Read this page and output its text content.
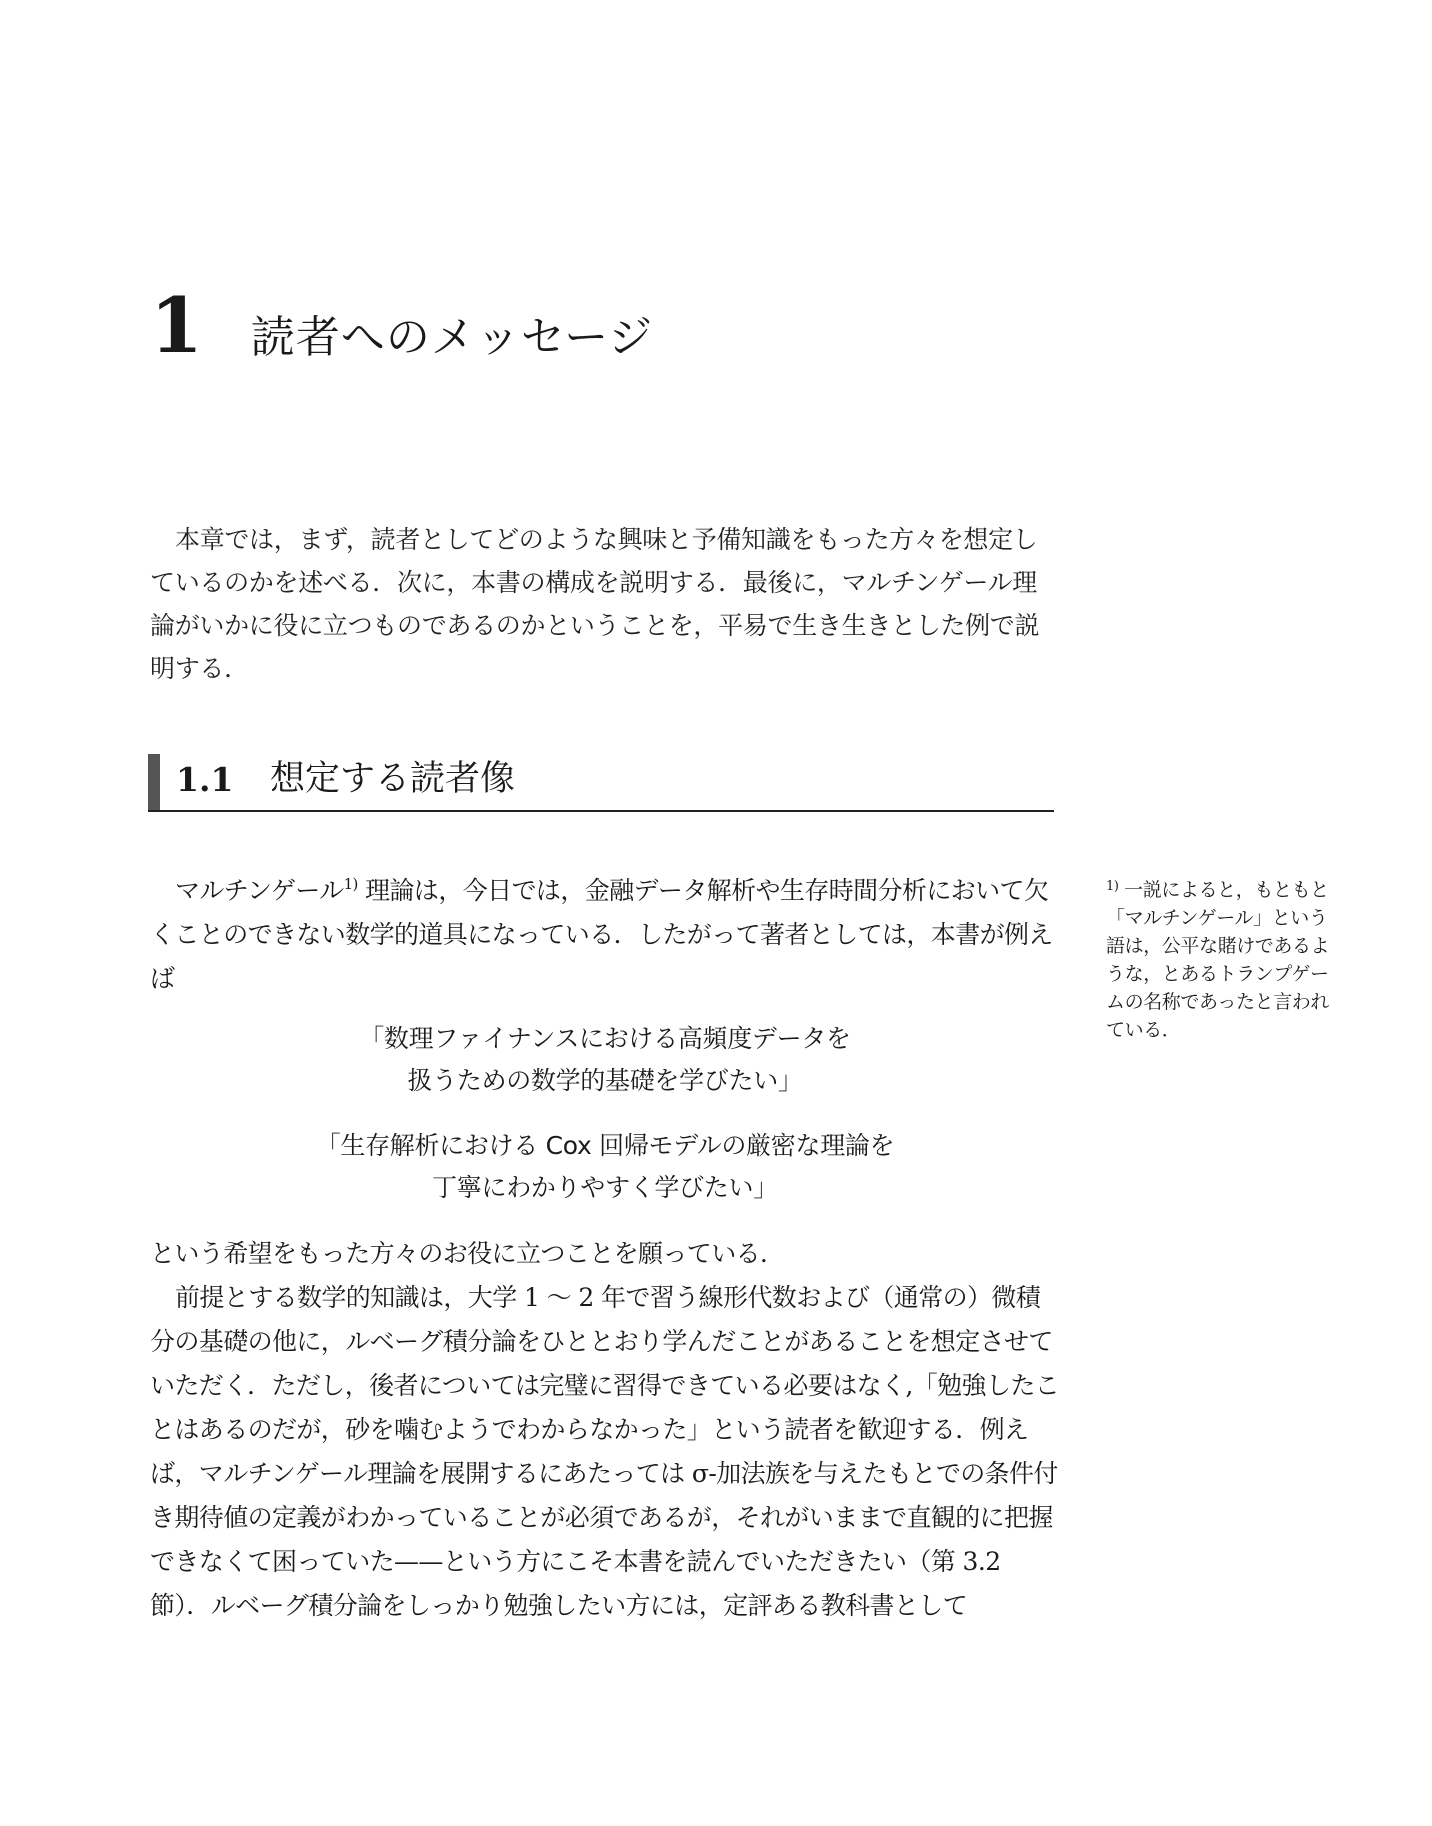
1 読者へのメッセージ

本章では，まず，読者としてどのような興味と予備知識をもった方々を想定しているのかを述べる．次に，本書の構成を説明する．最後に，マルチンゲール理論がいかに役に立つものであるのかということを，平易で生き生きとした例で説明する．

1.1 想定する読者像

マルチンゲール$^{1)}$ 理論は，今日では，金融データ解析や生存時間分析において欠くことのできない数学的道具になっている．したがって著者としては，本書が例えば

「数理ファイナンスにおける高頻度データを
扱うための数学的基礎を学びたい」

「生存解析における Cox 回帰モデルの厳密な理論を
丁寧にわかりやすく学びたい」

という希望をもった方々のお役に立つことを願っている．

前提とする数学的知識は，大学 1 ～ 2 年で習う線形代数および（通常の）微積分の基礎の他に，ルベーグ積分論をひととおり学んだことがあることを想定させていただく．ただし，後者については完璧に習得できている必要はなく,「勉強したことはあるのだが，砂を噛むようでわからなかった」という読者を歓迎する．例えば，マルチンゲール理論を展開するにあたっては σ-加法族を与えたもとでの条件付き期待値の定義がわかっていることが必須であるが，それがいままで直観的に把握できなくて困っていた——という方にこそ本書を読んでいただきたい（第 3.2 節）．ルベーグ積分論をしっかり勉強したい方には，定評ある教科書として

$^{1)}$ 一説によると，もともと「マルチンゲール」という語は，公平な賭けであるような，とあるトランプゲームの名称であったと言われている．
